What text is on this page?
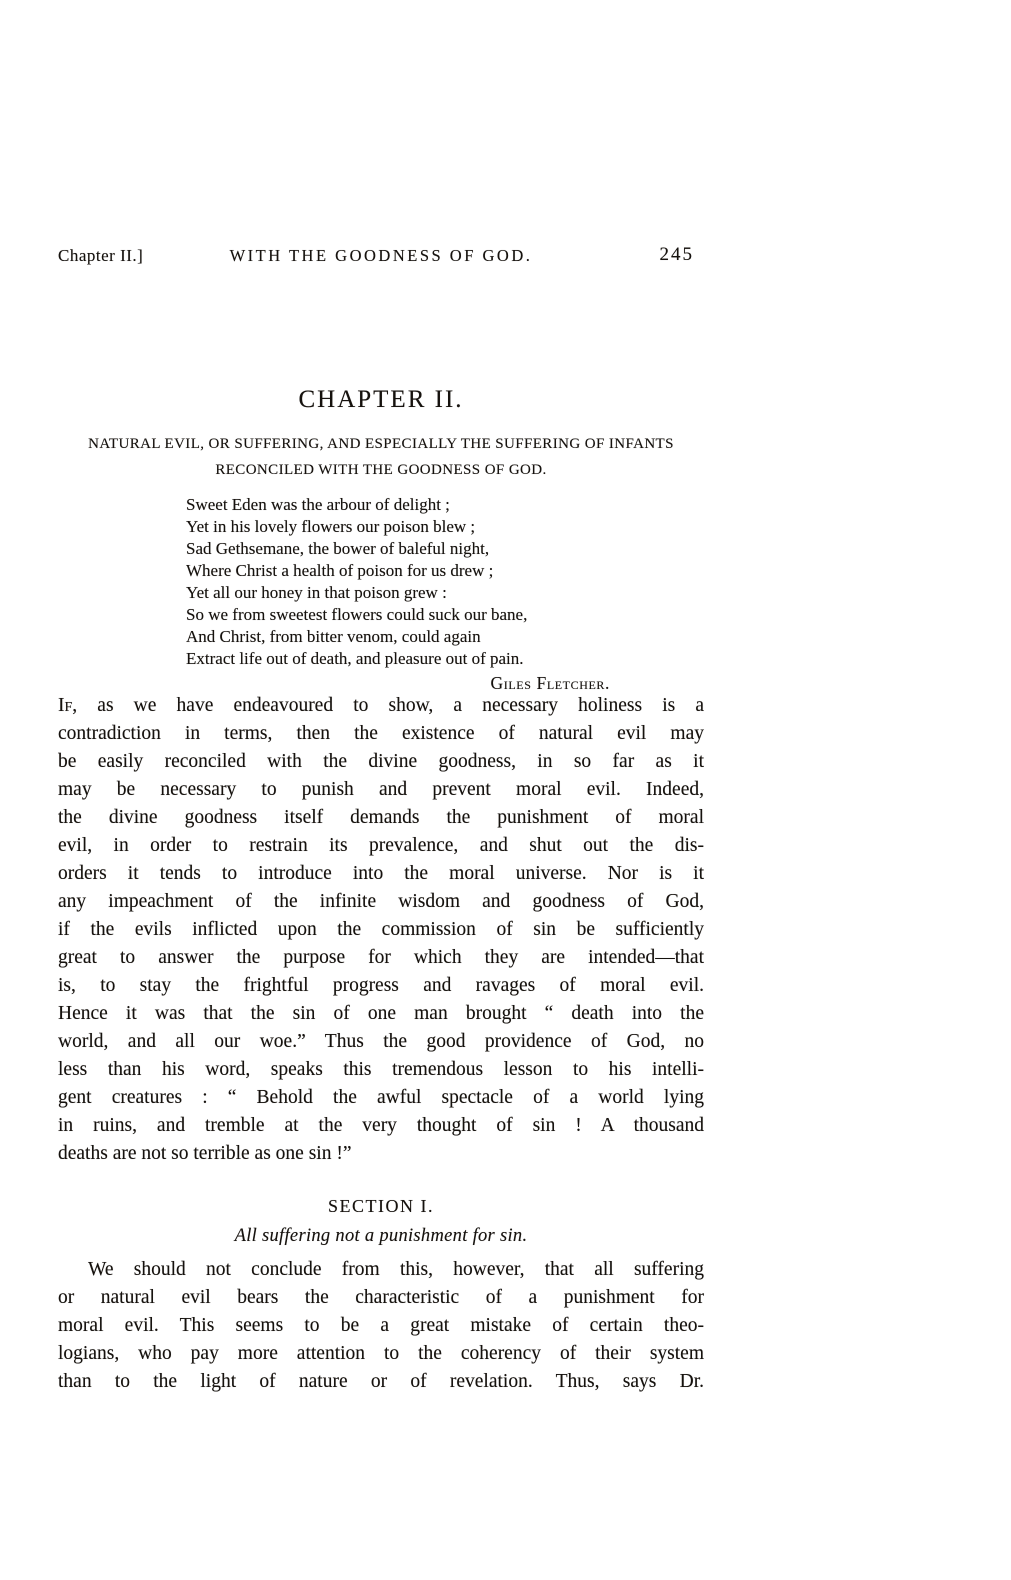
Chapter II.]	WITH THE GOODNESS OF GOD.	245
CHAPTER II.
NATURAL EVIL, OR SUFFERING, AND ESPECIALLY THE SUFFERING OF INFANTS
RECONCILED WITH THE GOODNESS OF GOD.
Sweet Eden was the arbour of delight ;
Yet in his lovely flowers our poison blew ;
Sad Gethsemane, the bower of baleful night,
Where Christ a health of poison for us drew ;
Yet all our honey in that poison grew :
So we from sweetest flowers could suck our bane,
And Christ, from bitter venom, could again
Extract life out of death, and pleasure out of pain.
Giles Fletcher.
If, as we have endeavoured to show, a necessary holiness is a
contradiction in terms, then the existence of natural evil may
be easily reconciled with the divine goodness, in so far as it
may be necessary to punish and prevent moral evil. Indeed,
the divine goodness itself demands the punishment of moral
evil, in order to restrain its prevalence, and shut out the dis-
orders it tends to introduce into the moral universe. Nor is it
any impeachment of the infinite wisdom and goodness of God,
if the evils inflicted upon the commission of sin be sufficiently
great to answer the purpose for which they are intended—that
is, to stay the frightful progress and ravages of moral evil.
Hence it was that the sin of one man brought “ death into the
world, and all our woe.” Thus the good providence of God, no
less than his word, speaks this tremendous lesson to his intelli-
gent creatures : “ Behold the awful spectacle of a world lying
in ruins, and tremble at the very thought of sin ! A thousand
deaths are not so terrible as one sin !”
SECTION I.
All suffering not a punishment for sin.
We should not conclude from this, however, that all suffering
or natural evil bears the characteristic of a punishment for
moral evil. This seems to be a great mistake of certain theo-
logians, who pay more attention to the coherency of their system
than to the light of nature or of revelation. Thus, says Dr.
